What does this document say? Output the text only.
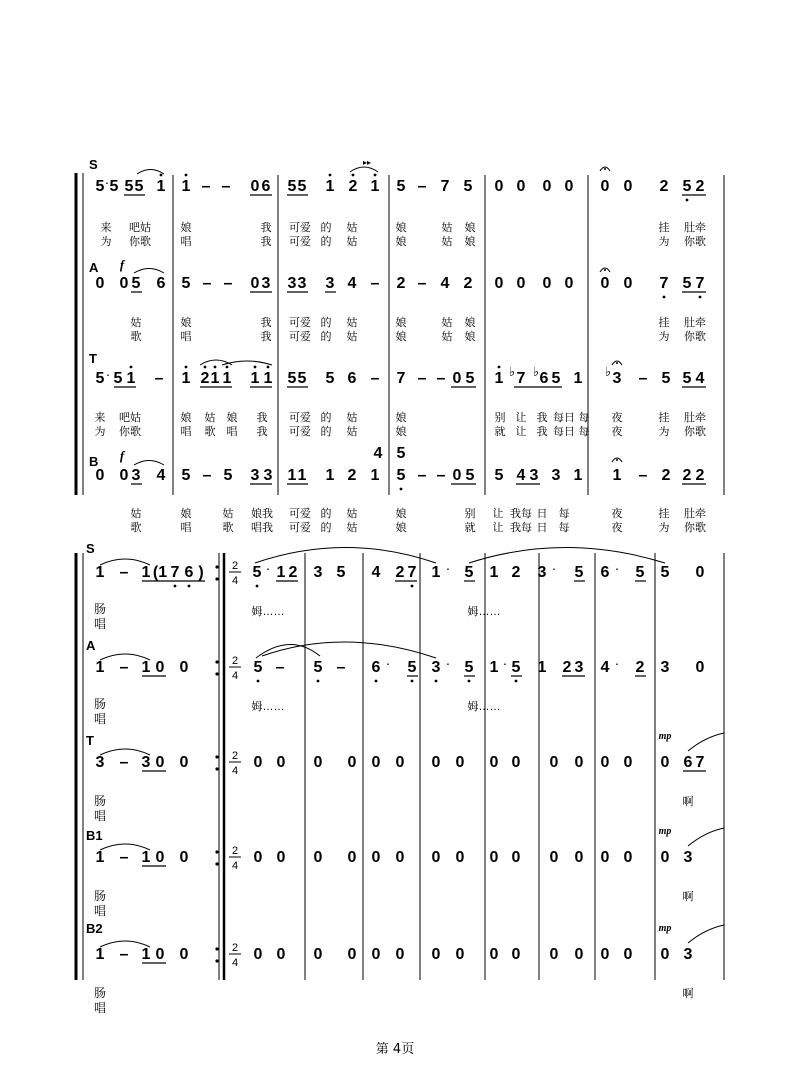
S
A
T
B
f
f
5 5 5 5 1 1 – – 0 6 5 5 1 2 1 5 – 7 5 0 0 0 0 0 0 2 5 2
·
▸▸
来
为
吧姑
你歌
娘
唱
我
我
可爱
可爱
的
的
姑
姑
娘
娘
姑
姑
娘
娘
挂
为
肚牵
你歌
0 0 5 6 5 – – 0 3 3 3 3 4 – 2 – 4 2 0 0 0 0 0 0 7 5 7
姑
歌
娘
唱
我
我
可爱
可爱
的
的
姑
姑
娘
娘
姑
姑
娘
娘
挂
为
肚牵
你歌
5 5 1 – 1 2 1 1 1 1 5 5 5 6 – 7 – – 0 5 1 7 6 5 1 3 – 5 5 4
·	♭ ♭	♭
来
为
吧姑
你歌
娘
唱
姑
歌
娘
唱
我
我
可爱
可爱
的
的
姑
姑
娘
娘
别
就
让
让
我
我
每日
每日
每
每
夜
夜
挂
为
肚牵
你歌
0 0 3 4 5 – 5 3 3 1 1 1 2 1 5 – – 0 5 5 4 3 3 1 1 – 2 2 2
4 5
姑
歌
娘
唱
姑
歌
娘我
唱我
可爱
可爱
的
的
姑
姑
娘
娘
别
就
让
让
我每
我每
日
日
每
每
夜
夜
挂
为
肚牵
你歌
S
A
T
B1
B2
2
4
2
4
2
4
2
4
2
4
1 – 1 (1 7 6 )	5 1 2 3 5 4 2 7 1 5 1 2 3 5 6 5 5 0
·	·	·	·
肠
唱
姆……	姆……
1 – 1 0 0	5 – 5 – 6 5 3 5 1 5 1 3 4 2 3 0
2
·	·	·	·
肠
唱
姆……	姆……
3 – 3 0 0	0 0 0 0 0 0 0 0 0 0 0 0 0 0 0 6 7
mp
啊
肠
唱
1 – 1 0 0	0 0 0 0 0 0 0 0 0 0 0 0 0 0 0 3
mp
啊
肠
唱
1 – 1 0 0	0 0 0 0 0 0 0 0 0 0 0 0 0 0 0 3
mp
啊
肠
唱
第 4页
